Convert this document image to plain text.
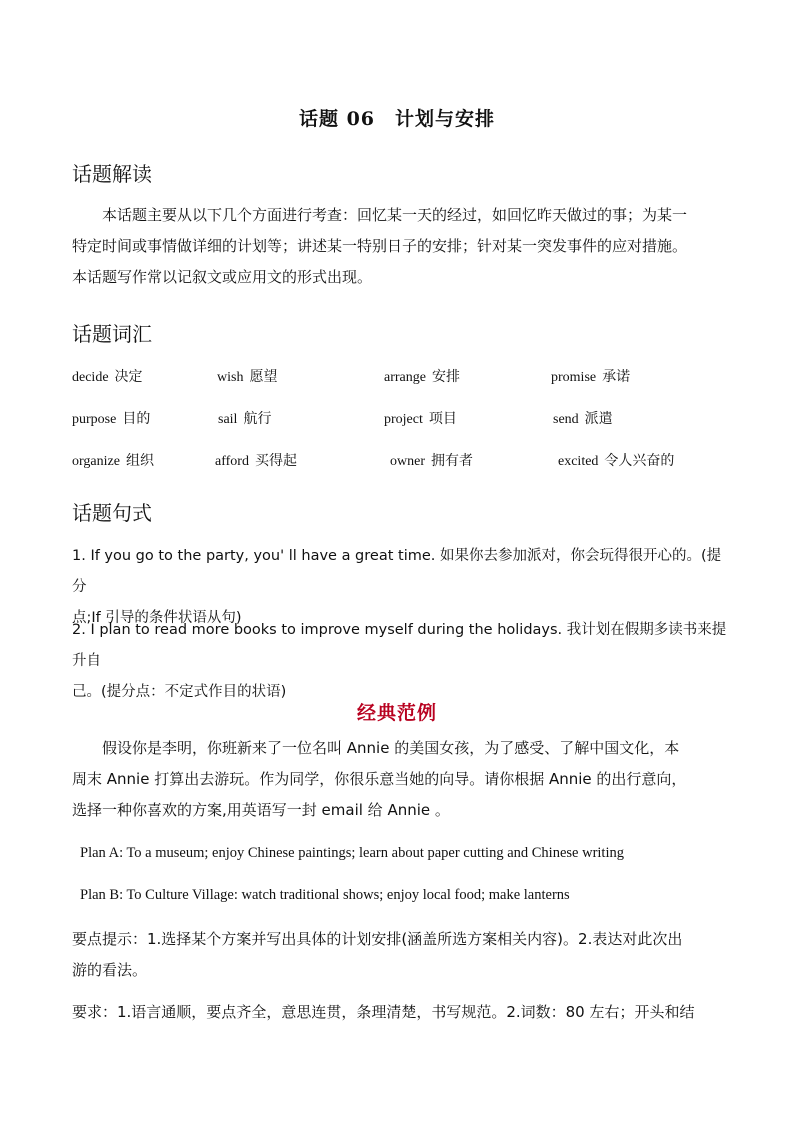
话题 06　计划与安排
话题解读

本话题主要从以下几个方面进行考查：回忆某一天的经过，如回忆昨天做过的事；为某一

特定时间或事情做详细的计划等；讲述某一特别日子的安排；针对某一突发事件的应对措施。

本话题写作常以记叙文或应用文的形式出现。

话题词汇
decide 决定	wish 愿望	arrange 安排	promise 承诺
purpose 目的	sail 航行	project 项目	send 派遣
organize 组织	afford 买得起	owner 拥有者	excited 令人兴奋的
话题句式
1. If you go to the party, you' ll have a great time. 如果你去参加派对，你会玩得很开心的。(提分
点;If 引导的条件状语从句)
2. I plan to read more books to improve myself during the holidays. 我计划在假期多读书来提升自
己。(提分点：不定式作目的状语)
经典范例

假设你是李明，你班新来了一位名叫 Annie 的美国女孩，为了感受、了解中国文化，本

周末 Annie 打算出去游玩。作为同学，你很乐意当她的向导。请你根据 Annie 的出行意向，

选择一种你喜欢的方案,用英语写一封 email 给 Annie 。

Plan A: To a museum; enjoy Chinese paintings; learn about paper cutting and Chinese writing
Plan B: To Culture Village: watch traditional shows; enjoy local food; make lanterns

要点提示：1.选择某个方案并写出具体的计划安排(涵盖所选方案相关内容)。2.表达对此次出

游的看法。

要求：1.语言通顺，要点齐全，意思连贯，条理清楚，书写规范。2.词数：80 左右；开头和结
